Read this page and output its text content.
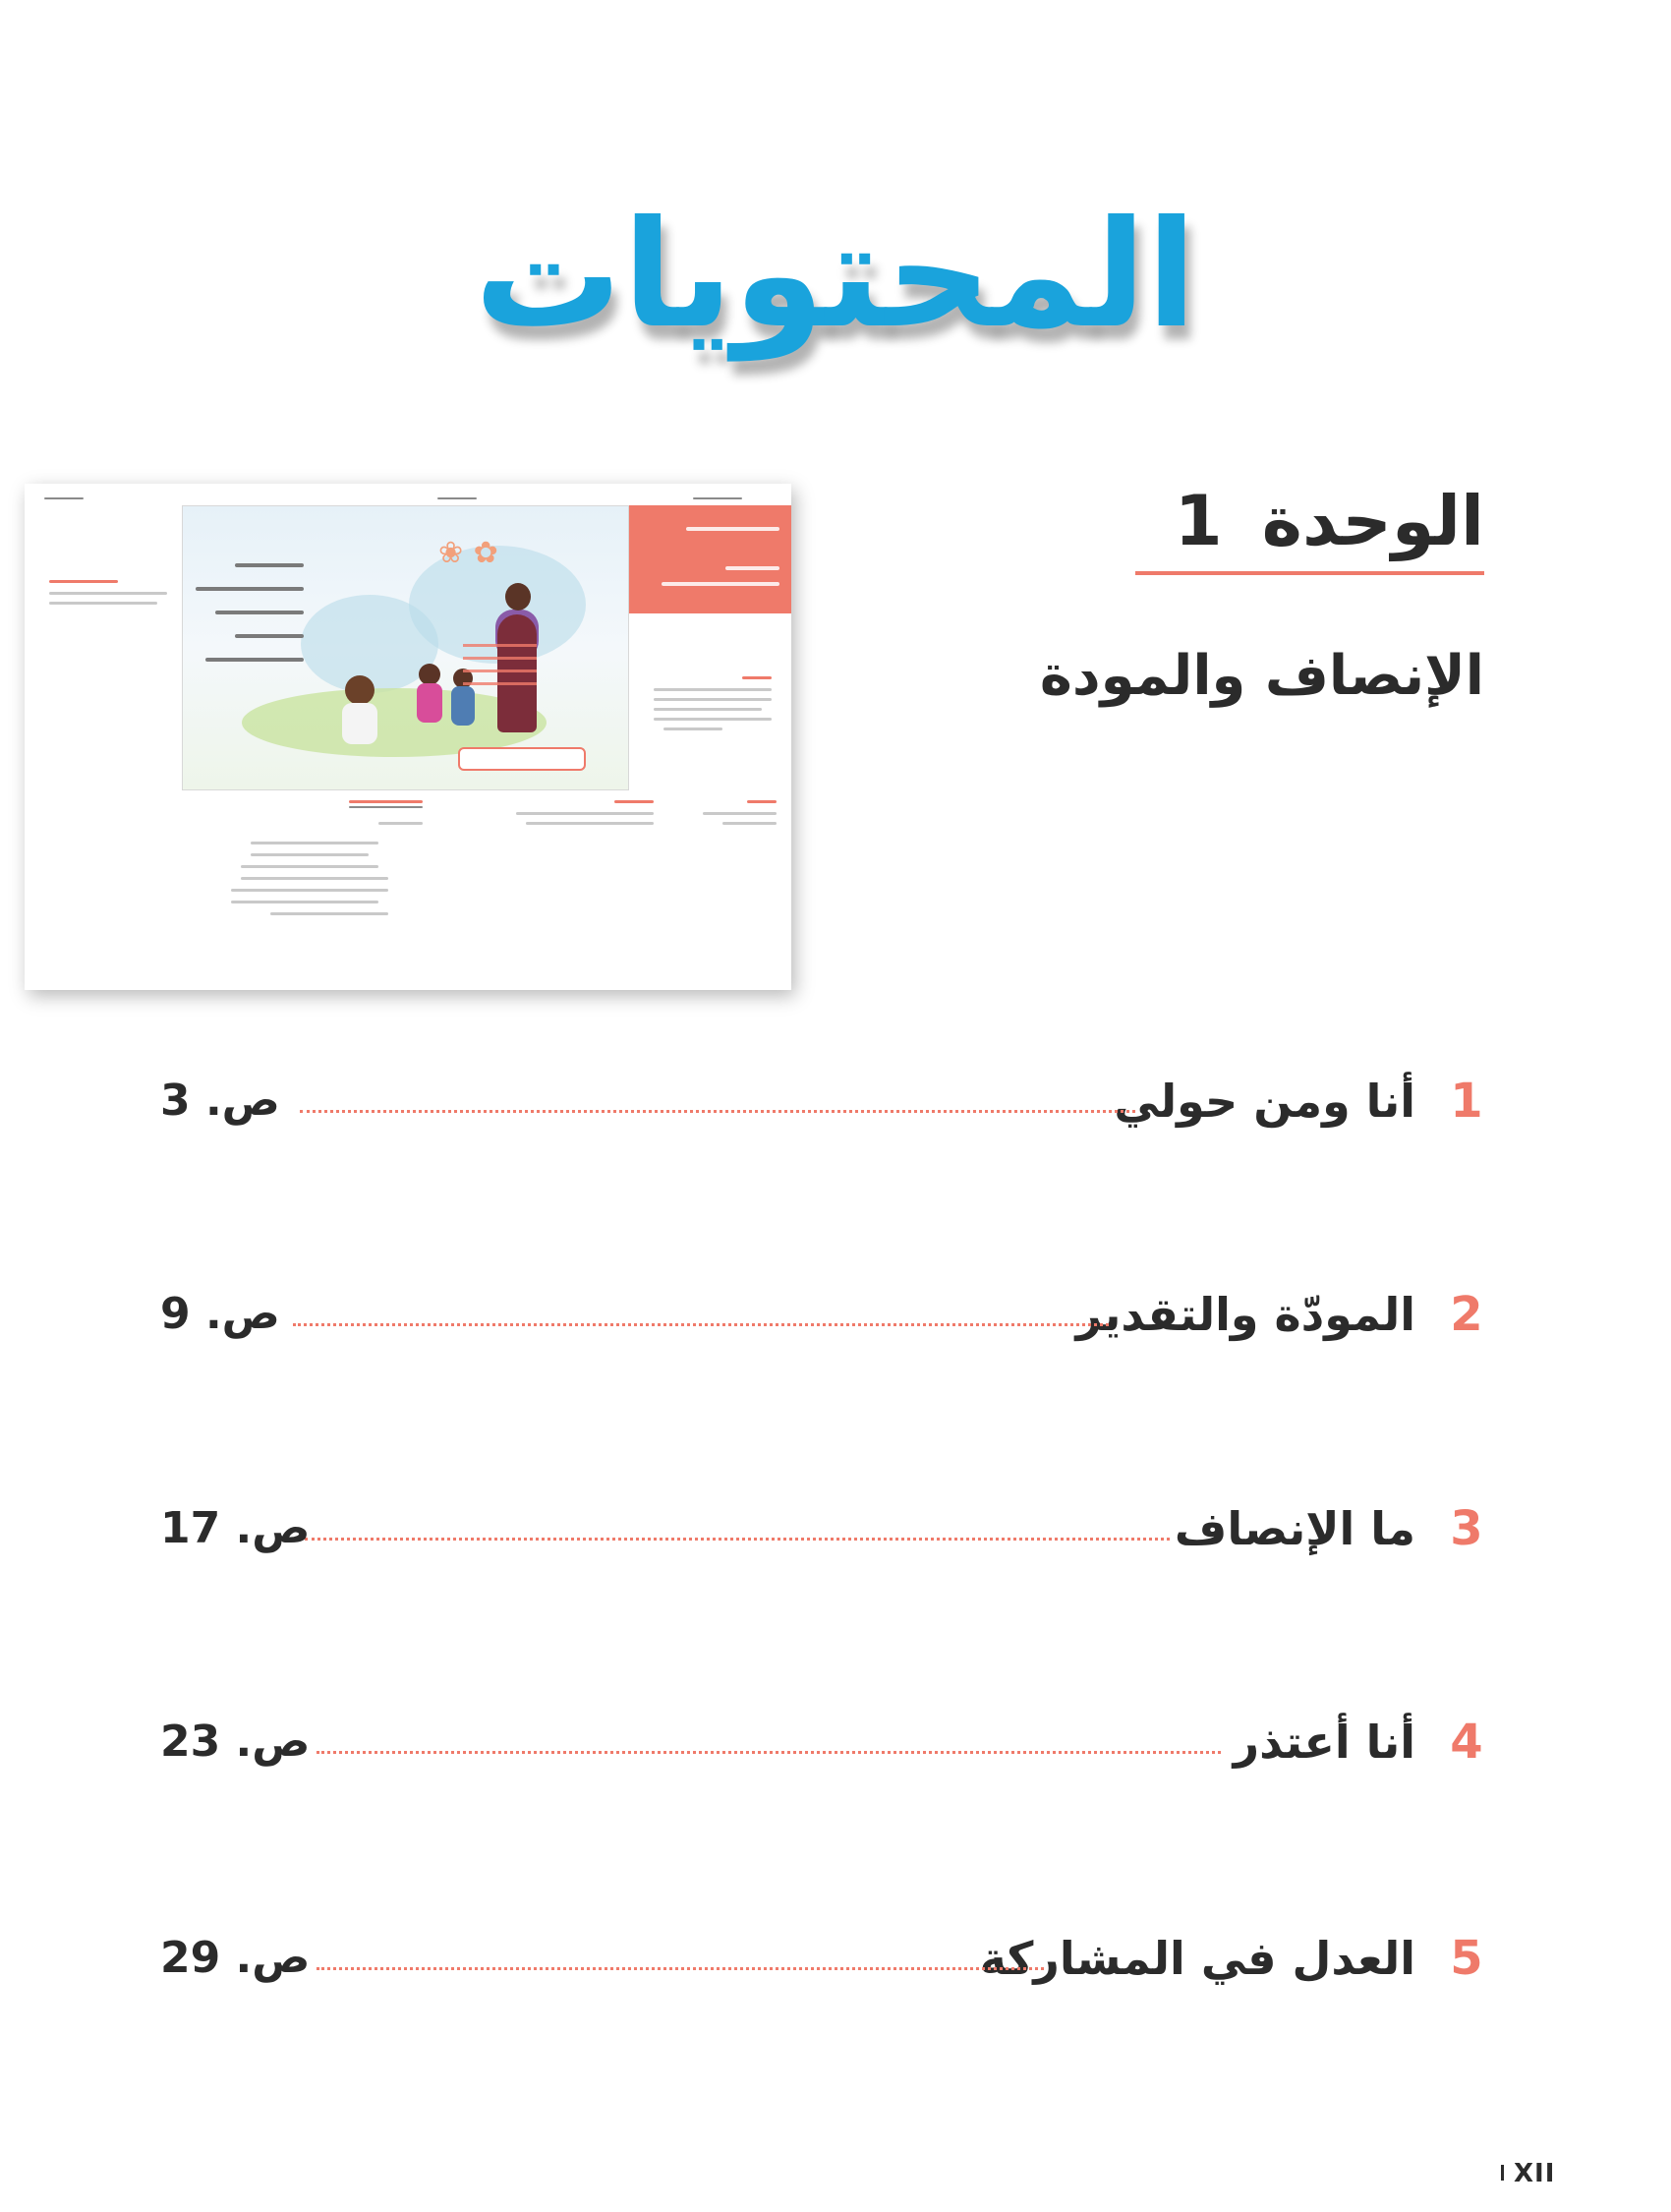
المحتويات
الوحدة1
الإنصاف والمودة
✿ ❀
1
أنا ومن حولي
ص. 3
2
المودّة والتقدير
ص. 9
3
ما الإنصاف
ص. 17
4
أنا أعتذر
ص. 23
5
العدل في المشاركة
ص. 29
XII
